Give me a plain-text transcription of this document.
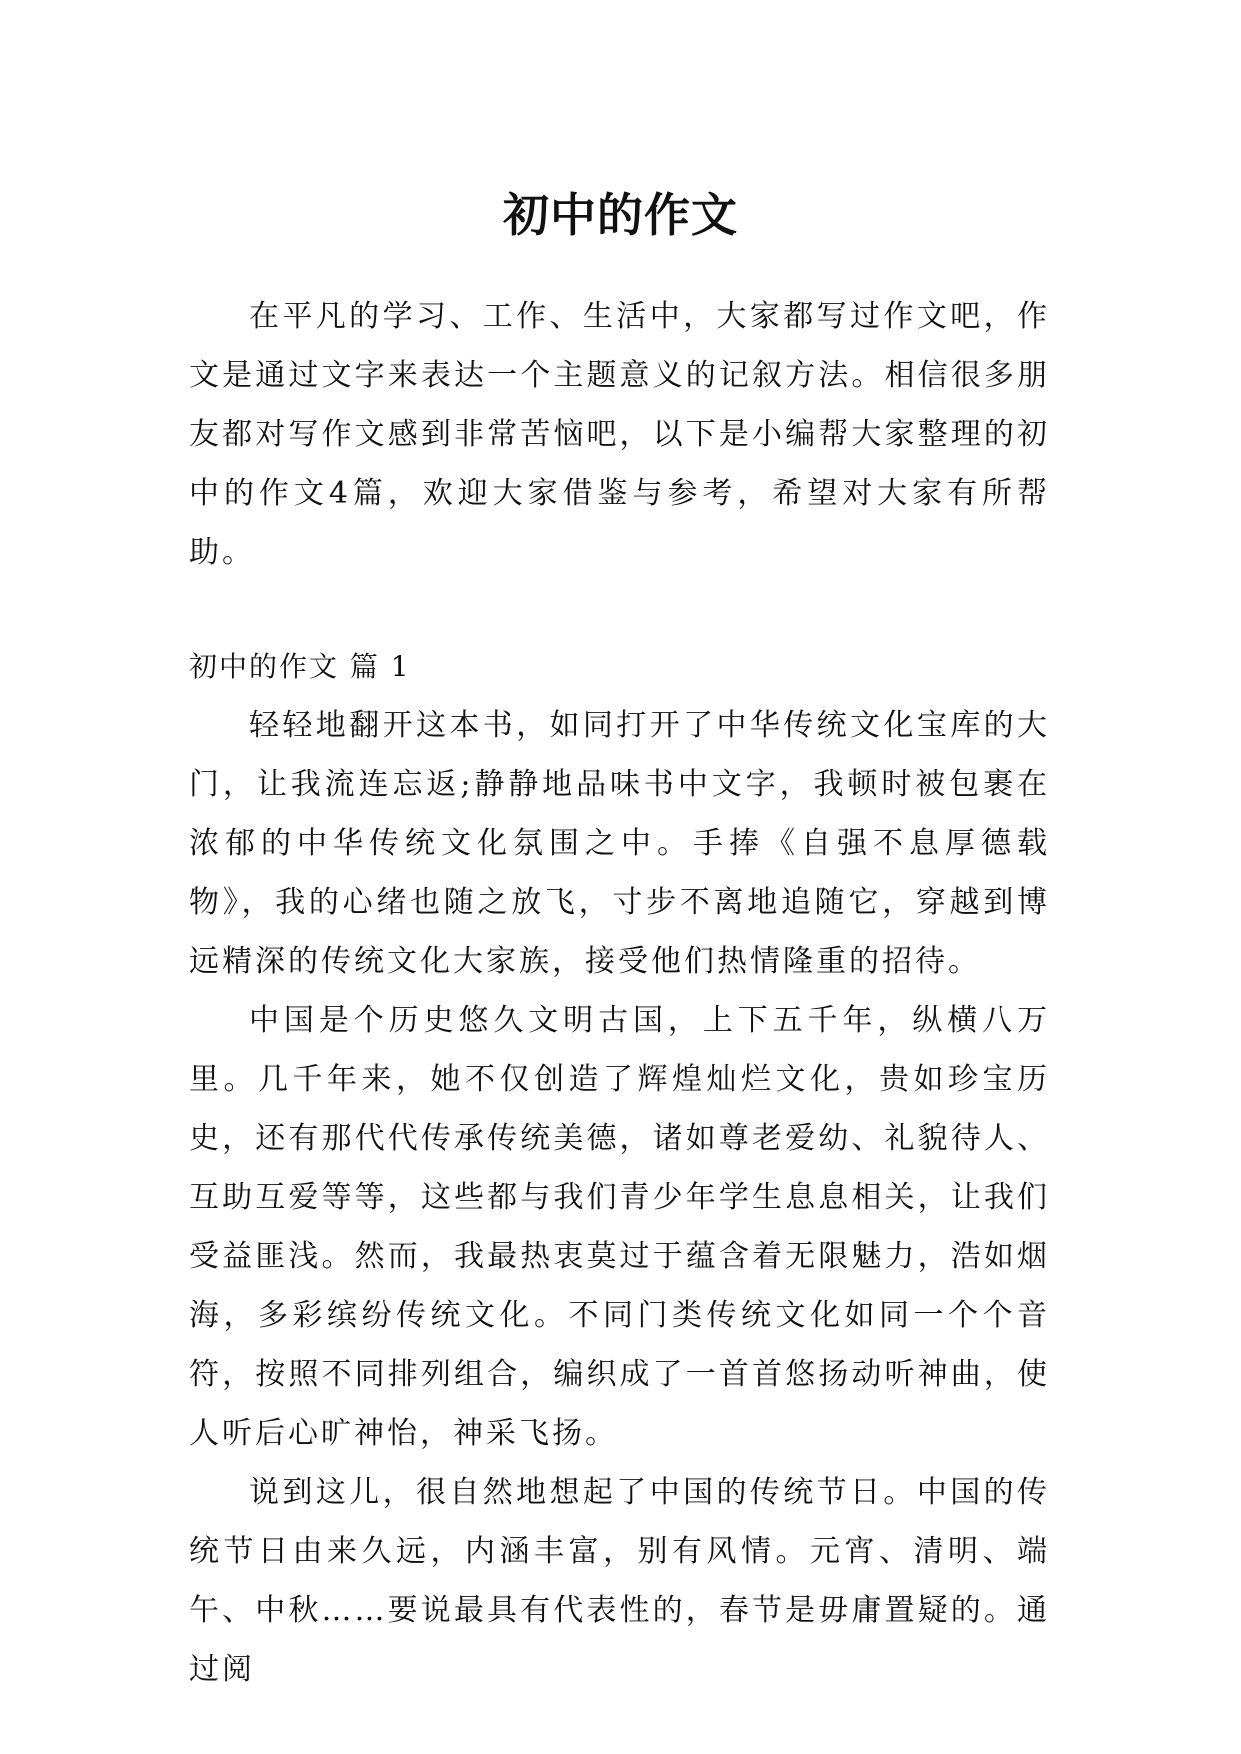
初中的作文

在平凡的学习、工作、生活中，大家都写过作文吧，作文是通过文字来表达一个主题意义的记叙方法。相信很多朋友都对写作文感到非常苦恼吧，以下是小编帮大家整理的初中的作文4篇，欢迎大家借鉴与参考，希望对大家有所帮助。

初中的作文 篇 1

轻轻地翻开这本书，如同打开了中华传统文化宝库的大门，让我流连忘返;静静地品味书中文字，我顿时被包裹在浓郁的中华传统文化氛围之中。手捧《自强不息厚德载物》，我的心绪也随之放飞，寸步不离地追随它，穿越到博远精深的传统文化大家族，接受他们热情隆重的招待。

中国是个历史悠久文明古国，上下五千年，纵横八万里。几千年来，她不仅创造了辉煌灿烂文化，贵如珍宝历史，还有那代代传承传统美德，诸如尊老爱幼、礼貌待人、互助互爱等等，这些都与我们青少年学生息息相关，让我们受益匪浅。然而，我最热衷莫过于蕴含着无限魅力，浩如烟海，多彩缤纷传统文化。不同门类传统文化如同一个个音符，按照不同排列组合，编织成了一首首悠扬动听神曲，使人听后心旷神怡，神采飞扬。

说到这儿，很自然地想起了中国的传统节日。中国的传统节日由来久远，内涵丰富，别有风情。元宵、清明、端午、中秋……要说最具有代表性的，春节是毋庸置疑的。通过阅
